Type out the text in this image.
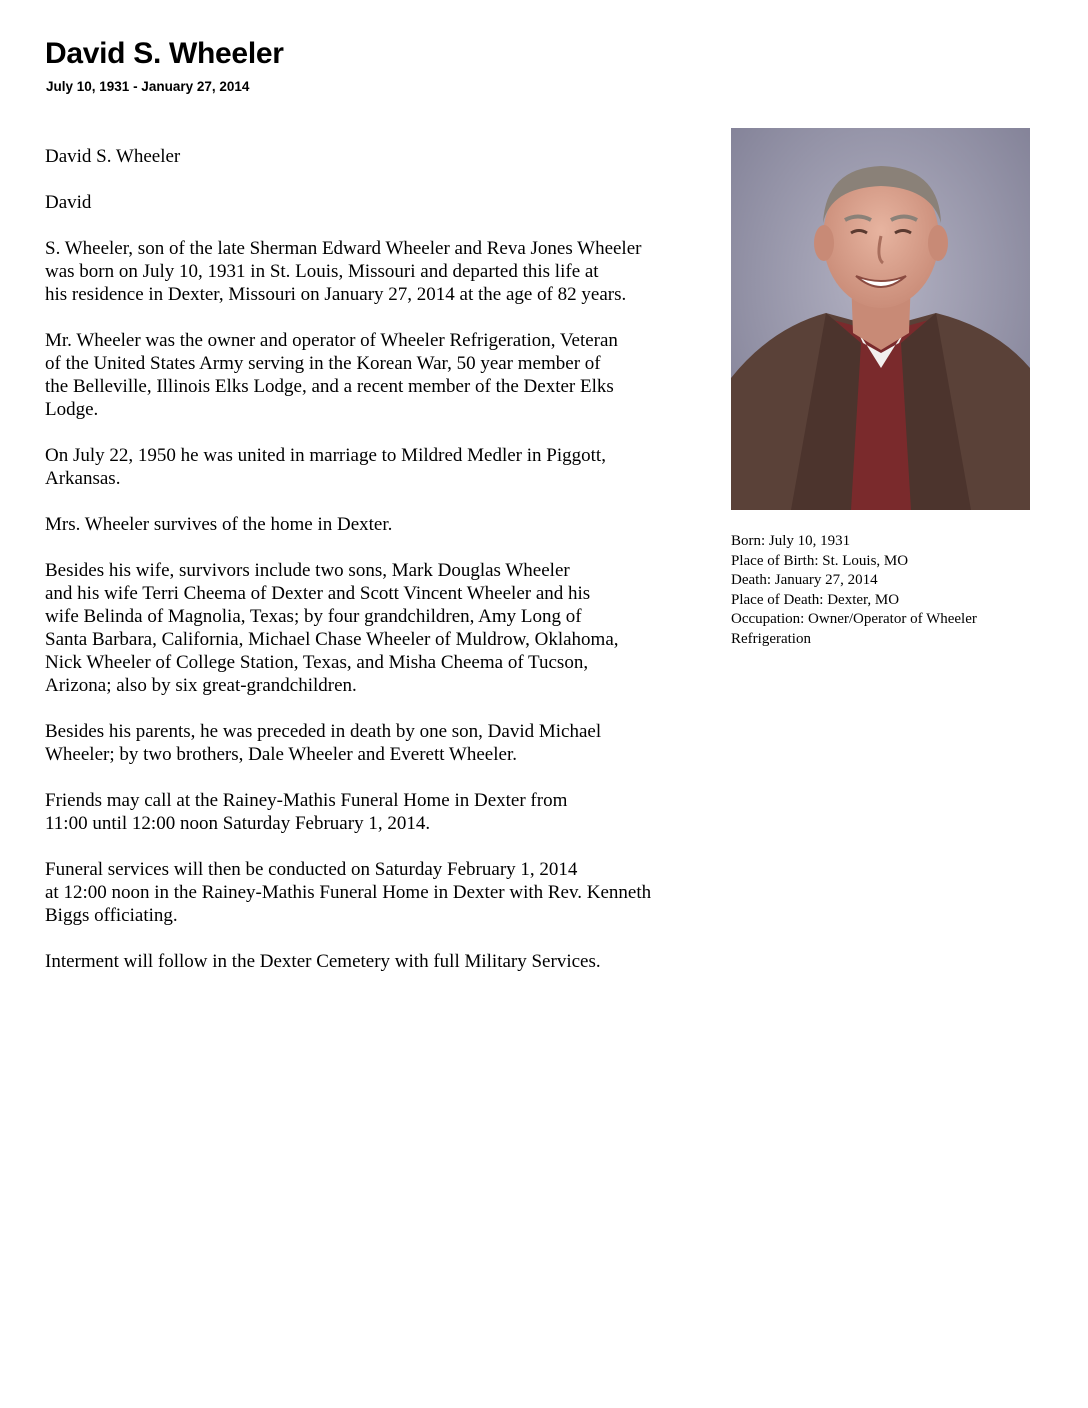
David S. Wheeler
July 10, 1931 - January 27, 2014

David S. Wheeler

David

S. Wheeler, son of the late Sherman Edward Wheeler and Reva Jones Wheeler
was born on July 10, 1931 in St. Louis, Missouri and departed this life at
his residence in Dexter, Missouri on January 27, 2014 at the age of 82 years.

Mr. Wheeler was the owner and operator of Wheeler Refrigeration, Veteran
of the United States Army serving in the Korean War, 50 year member of
the Belleville, Illinois Elks Lodge, and a recent member of the Dexter Elks
Lodge.

On July 22, 1950 he was united in marriage to Mildred Medler in Piggott,
Arkansas.

Mrs. Wheeler survives of the home in Dexter.

Besides his wife, survivors include two sons, Mark Douglas Wheeler
and his wife Terri Cheema of Dexter and Scott Vincent Wheeler and his
wife Belinda of Magnolia, Texas; by four grandchildren, Amy Long of
Santa Barbara, California, Michael Chase Wheeler of Muldrow, Oklahoma,
Nick Wheeler of College Station, Texas, and Misha Cheema of Tucson,
Arizona; also by six great-grandchildren.

Besides his parents, he was preceded in death by one son, David Michael
Wheeler; by two brothers, Dale Wheeler and Everett Wheeler.

Friends may call at the Rainey-Mathis Funeral Home in Dexter from
11:00 until 12:00 noon Saturday February 1, 2014.

Funeral services will then be conducted on Saturday February 1, 2014
at 12:00 noon in the Rainey-Mathis Funeral Home in Dexter with Rev. Kenneth
Biggs officiating.

Interment will follow in the Dexter Cemetery with full Military Services.

Born: July 10, 1931
Place of Birth: St. Louis, MO
Death: January 27, 2014
Place of Death: Dexter, MO
Occupation: Owner/Operator of Wheeler
Refrigeration
